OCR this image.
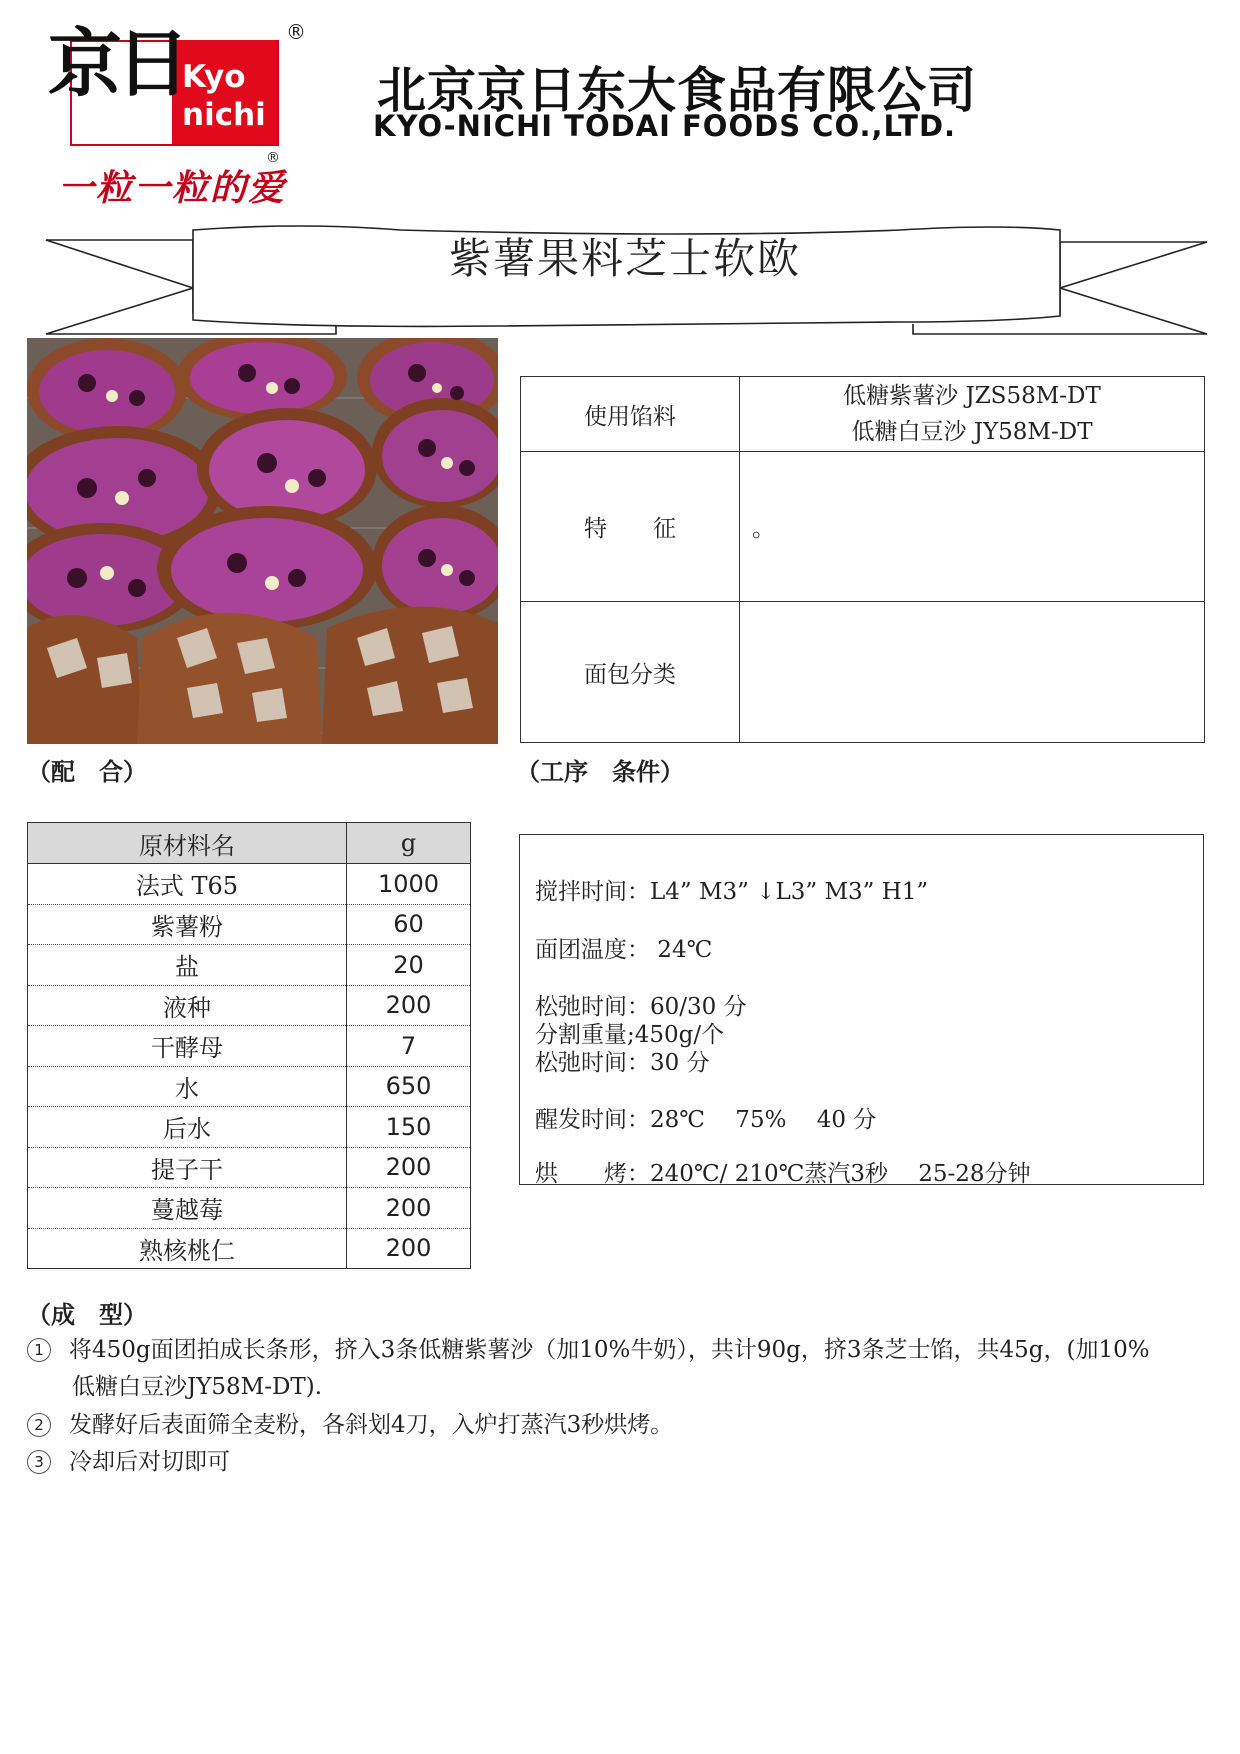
Kyo
nichi
京日	®
一粒一粒的爱
®
北京京日东大食品有限公司
KYO-NICHI TODAI FOODS CO.,LTD.
紫薯果料芝士软欧
使用馅料	低糖紫薯沙 JZS58M-DT
低糖白豆沙 JY58M-DT

特　　征	。
面包分类	
（配　合）	（工序　条件）
原材料名	g
法式 T65	1000
紫薯粉	60
盐	20
液种	200
干酵母	7
水	650
后水	150
提子干	200
蔓越莓	200
熟核桃仁	200
搅拌时间：L4” M3” ↓L3” M3” H1”
面团温度： 24℃
松弛时间：60/30 分
分割重量;450g/个
松弛时间：30 分
醒发时间：28℃　 75%　 40 分
烘　　烤：240℃/ 210℃蒸汽3秒　 25-28分钟
（成　型）
1 将450g面团拍成长条形，挤入3条低糖紫薯沙（加10%牛奶），共计90g，挤3条芝士馅，共45g，(加10%
低糖白豆沙JY58M-DT).
2 发酵好后表面筛全麦粉，各斜划4刀，入炉打蒸汽3秒烘烤。
3 冷却后对切即可
